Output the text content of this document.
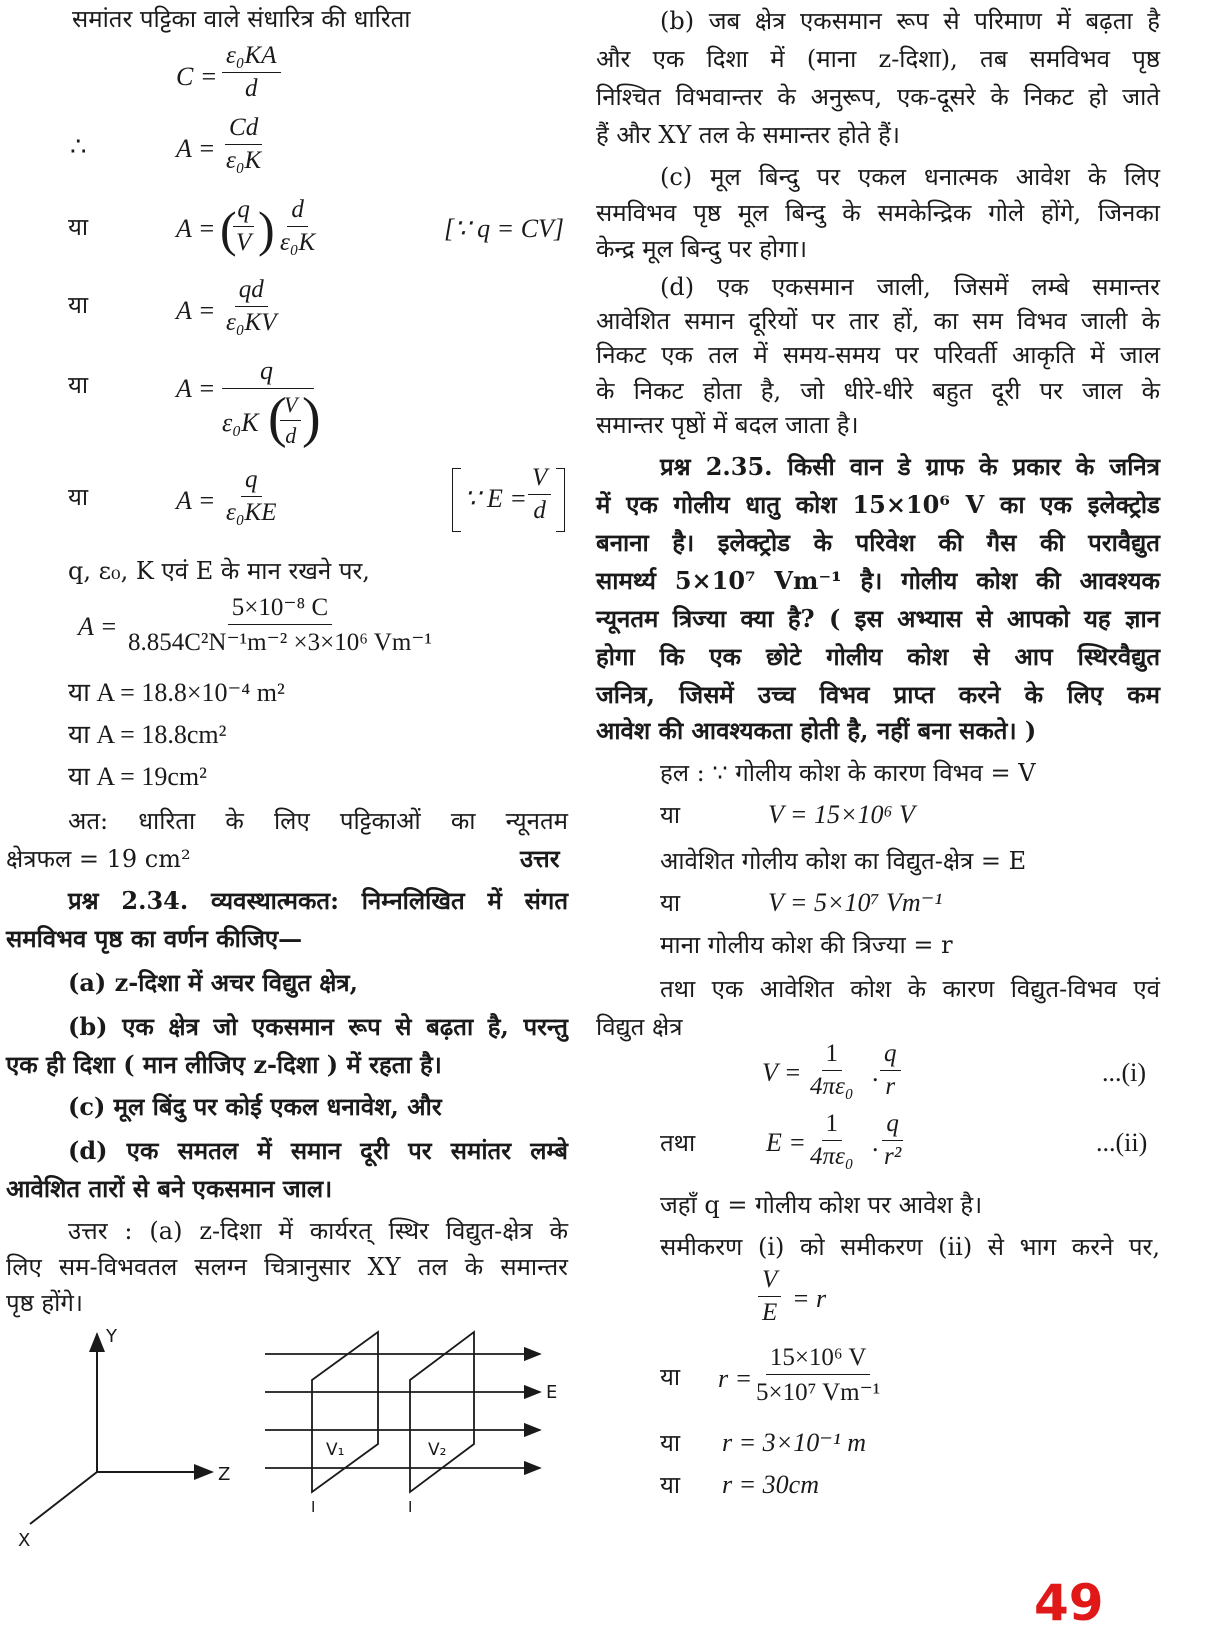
समांतर पट्टिका वाले संधारित्र की धारिता
$C = \frac{\text{ε₀KA}}{d}$
∴	$A = \frac{Cd}{\text{ε₀K}}$
या	A = (
$\frac{q}{V}$ ) $\frac{d}{\text{ε₀K}}$	[∵ q = CV]
या	$A = \frac{qd}{\text{ε₀KV}}$
या	A =
q
ε₀K (
$\frac{V}{d}$ )
या	$A = \frac{q}{\text{ε₀KE}}$	∵ $E = \frac{V}{d}$
q, ε₀, K एवं E के मान रखने पर,
$A = \frac{\text{5×10⁻⁸ C}}{\text{8.854C²N⁻¹m⁻² ×3×10⁶ Vm⁻¹}}$
या A = 18.8×10⁻⁴ m²
या A = 18.8cm²
या A = 19cm²
अत: धारिता के लिए पट्टिकाओं का न्यूनतम
क्षेत्रफल = 19 cm²	उत्तर
प्रश्न 2.34. व्यवस्थात्मकत: निम्नलिखित में संगत
समविभव पृष्ठ का वर्णन कीजिए—
(a) z-दिशा में अचर विद्युत क्षेत्र,
(b) एक क्षेत्र जो एकसमान रूप से बढ़ता है, परन्तु
एक ही दिशा ( मान लीजिए z-दिशा ) में रहता है।
(c) मूल बिंदु पर कोई एकल धनावेश, और
(d) एक समतल में समान दूरी पर समांतर लम्बे
आवेशित तारों से बने एकसमान जाल।
उत्तर : (a) z-दिशा में कार्यरत् स्थिर विद्युत-क्षेत्र के
लिए सम-विभवतल सलग्न चित्रानुसार XY तल के समान्तर
पृष्ठ होंगे।
Y
Z
X
E
V₁	V₂
I	I
(b) जब क्षेत्र एकसमान रूप से परिमाण में बढ़ता है
और एक दिशा में (माना z-दिशा), तब समविभव पृष्ठ
निश्चित विभवान्तर के अनुरूप, एक-दूसरे के निकट हो जाते
हैं और XY तल के समान्तर होते हैं।
(c) मूल बिन्दु पर एकल धनात्मक आवेश के लिए
समविभव पृष्ठ मूल बिन्दु के समकेन्द्रिक गोले होंगे, जिनका
केन्द्र मूल बिन्दु पर होगा।
(d) एक एकसमान जाली, जिसमें लम्बे समान्तर
आवेशित समान दूरियों पर तार हों, का सम विभव जाली के
निकट एक तल में समय-समय पर परिवर्ती आकृति में जाल
के निकट होता है, जो धीरे-धीरे बहुत दूरी पर जाल के
समान्तर पृष्ठों में बदल जाता है।
प्रश्न 2.35. किसी वान डे ग्राफ के प्रकार के जनित्र
में एक गोलीय धातु कोश 15×10⁶ V का एक इलेक्ट्रोड
बनाना है। इलेक्ट्रोड के परिवेश की गैस की परावैद्युत
सामर्थ्य 5×10⁷ Vm⁻¹ है। गोलीय कोश की आवश्यक
न्यूनतम त्रिज्या क्या है? ( इस अभ्यास से आपको यह ज्ञान
होगा कि एक छोटे गोलीय कोश से आप स्थिरवैद्युत
जनित्र, जिसमें उच्च विभव प्राप्त करने के लिए कम
आवेश की आवश्यकता होती है, नहीं बना सकते। )
हल : ∵ गोलीय कोश के कारण विभव = V
या	V = 15×10⁶ V
आवेशित गोलीय कोश का विद्युत-क्षेत्र = E
या	V = 5×10⁷ Vm⁻¹
माना गोलीय कोश की त्रिज्या = r
तथा एक आवेशित कोश के कारण विद्युत-विभव एवं
विद्युत क्षेत्र
$V = \frac{1}{\text{4πε₀}}$ . $\frac{q}{r}$	...(i)
तथा	$E = \frac{1}{\text{4πε₀}}$ . $\frac{q}{\text{r²}}$	...(ii)
जहाँ q = गोलीय कोश पर आवेश है।
समीकरण (i) को समीकरण (ii) से भाग करने पर,
$\frac{V}{E} = r$
या $r = \frac{\text{15×10⁶ V}}{\text{5×10⁷ Vm⁻¹}}$
या r = 3×10⁻¹ m
या r = 30cm
49
